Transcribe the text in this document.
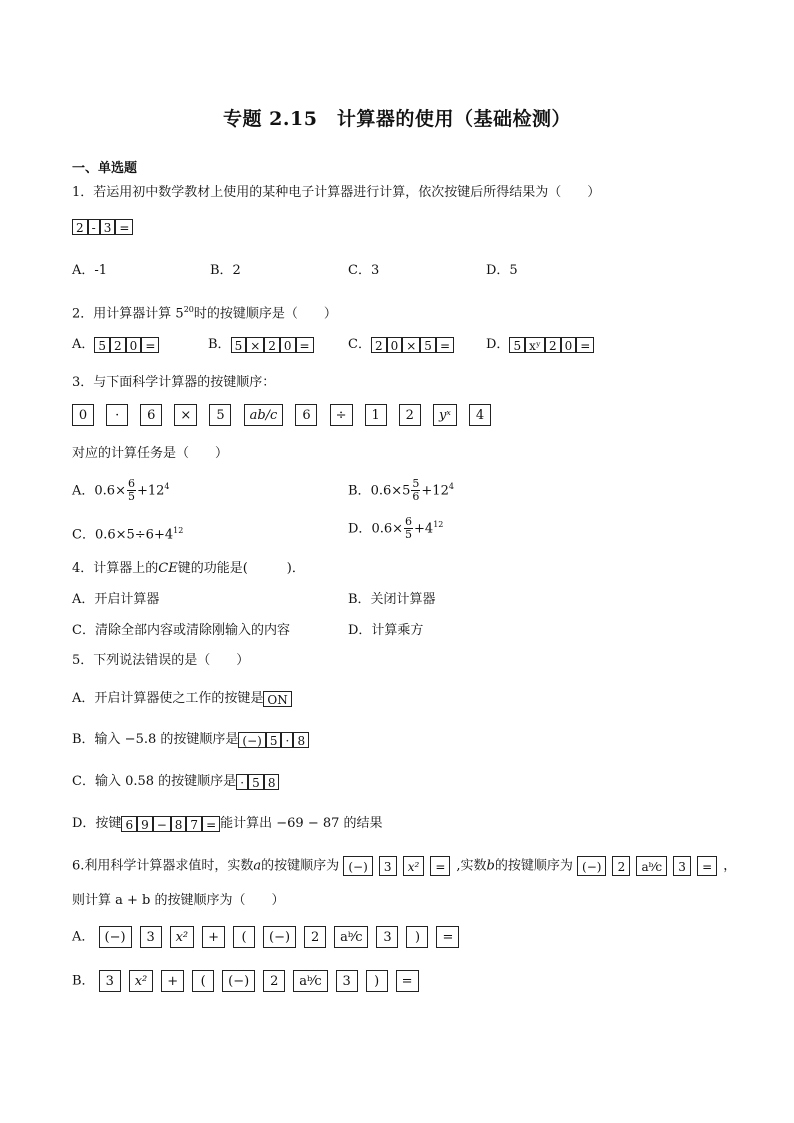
专题 2.15　计算器的使用（基础检测）
一、单选题
1．若运用初中数学教材上使用的某种电子计算器进行计算，依次按键后所得结果为（　　）
2 - 3 =
A．-1	B．2	C．3	D．5
2．用计算器计算 $5^{20}$时的按键顺序是（　　）
A． 5 2 0 =	B． 5 × 2 0 =	C． 2 0 × 5 =	D． 5 xʸ 2 0 =
3．与下面科学计算器的按键顺序：
0 · 6 × 5 ab/c 6 ÷ 1 2 yˣ 4
对应的计算任务是（　　）
A．$0.6\times \frac{6}{5} +12^4$	B．$0.6\times 5 \frac{5}{6} +12^4$
C．$0.6\times 5\div 6+4^{12}$	D．$0.6\times \frac{6}{5} +4^{12}$
4．计算器上的CE键的功能是(　　　)．
A．开启计算器	B．关闭计算器
C．清除全部内容或清除刚输入的内容	D．计算乘方
5．下列说法错误的是（　　）
A．开启计算器使之工作的按键是 ON
B．输入 −5.8 的按键顺序是 (−) 5 · 8
C．输入 0.58 的按键顺序是 · 5 8
D．按键 6 9 − 8 7 = 能计算出 −69 − 87 的结果
6.利用科学计算器求值时，实数a的按键顺序为 (−) 3 x² = ,实数b的按键顺序为 (−) 2 aᵇ⁄c 3 = ，
则计算 a + b 的按键顺序为（　　）
A． (−) 3 x² + ( (−) 2 aᵇ⁄c 3 ) =
B． 3 x² + ( (−) 2 aᵇ⁄c 3 ) =
